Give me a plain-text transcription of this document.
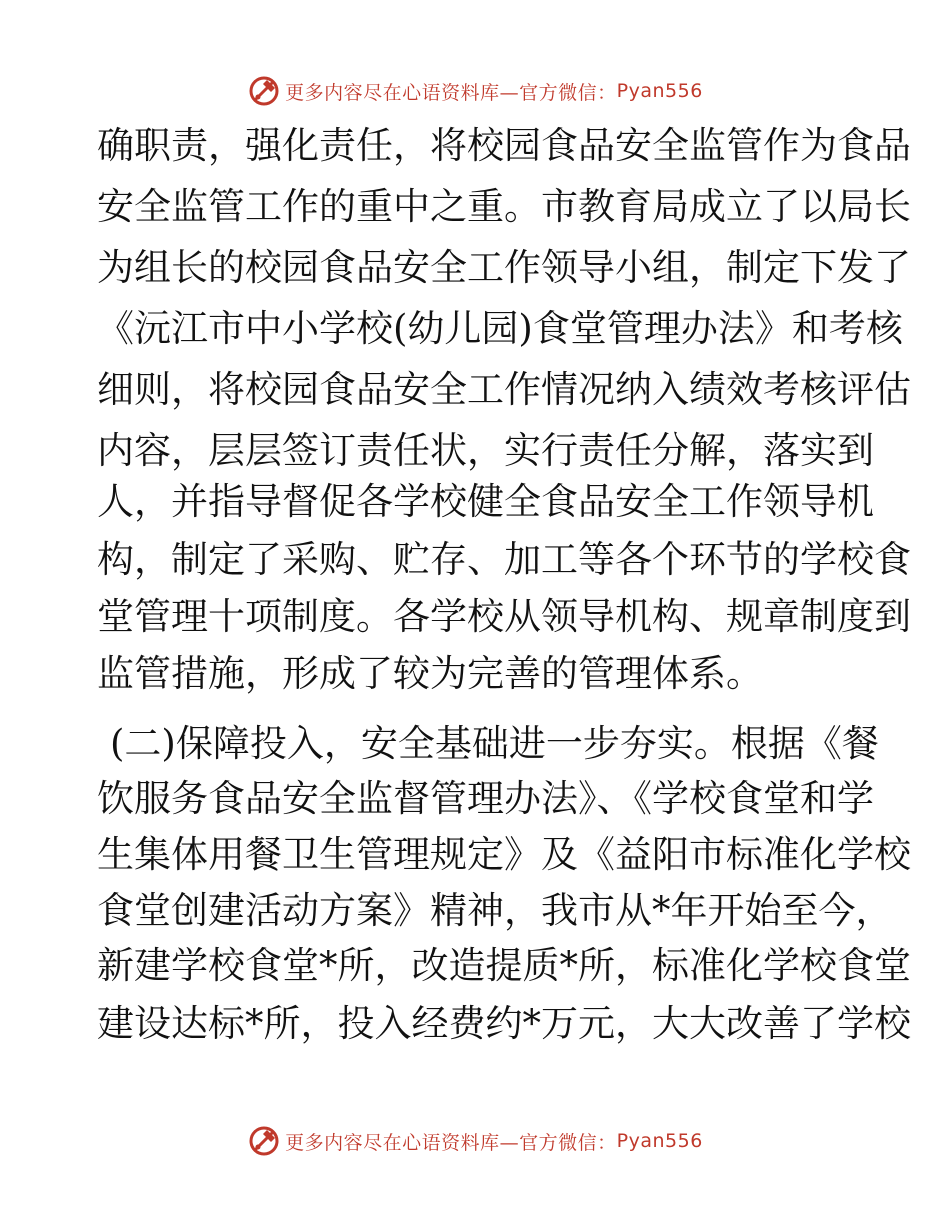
更多内容尽在心语资料库—官方微信： Pyan556
确职责，强化责任，将校园食品安全监管作为食品
安全监管工作的重中之重。市教育局成立了以局长
为组长的校园食品安全工作领导小组，制定下发了
《沅江市中小学校(幼儿园)食堂管理办法》和考核
细则，将校园食品安全工作情况纳入绩效考核评估
内容，层层签订责任状，实行责任分解，落实到
人，并指导督促各学校健全食品安全工作领导机
构，制定了采购、贮存、加工等各个环节的学校食
堂管理十项制度。各学校从领导机构、规章制度到
监管措施，形成了较为完善的管理体系。
(二)保障投入，安全基础进一步夯实。根据《餐
饮服务食品安全监督管理办法》、《学校食堂和学
生集体用餐卫生管理规定》及《益阳市标准化学校
食堂创建活动方案》精神，我市从*年开始至今，
新建学校食堂*所，改造提质*所，标准化学校食堂
建设达标*所，投入经费约*万元，大大改善了学校
更多内容尽在心语资料库—官方微信： Pyan556
